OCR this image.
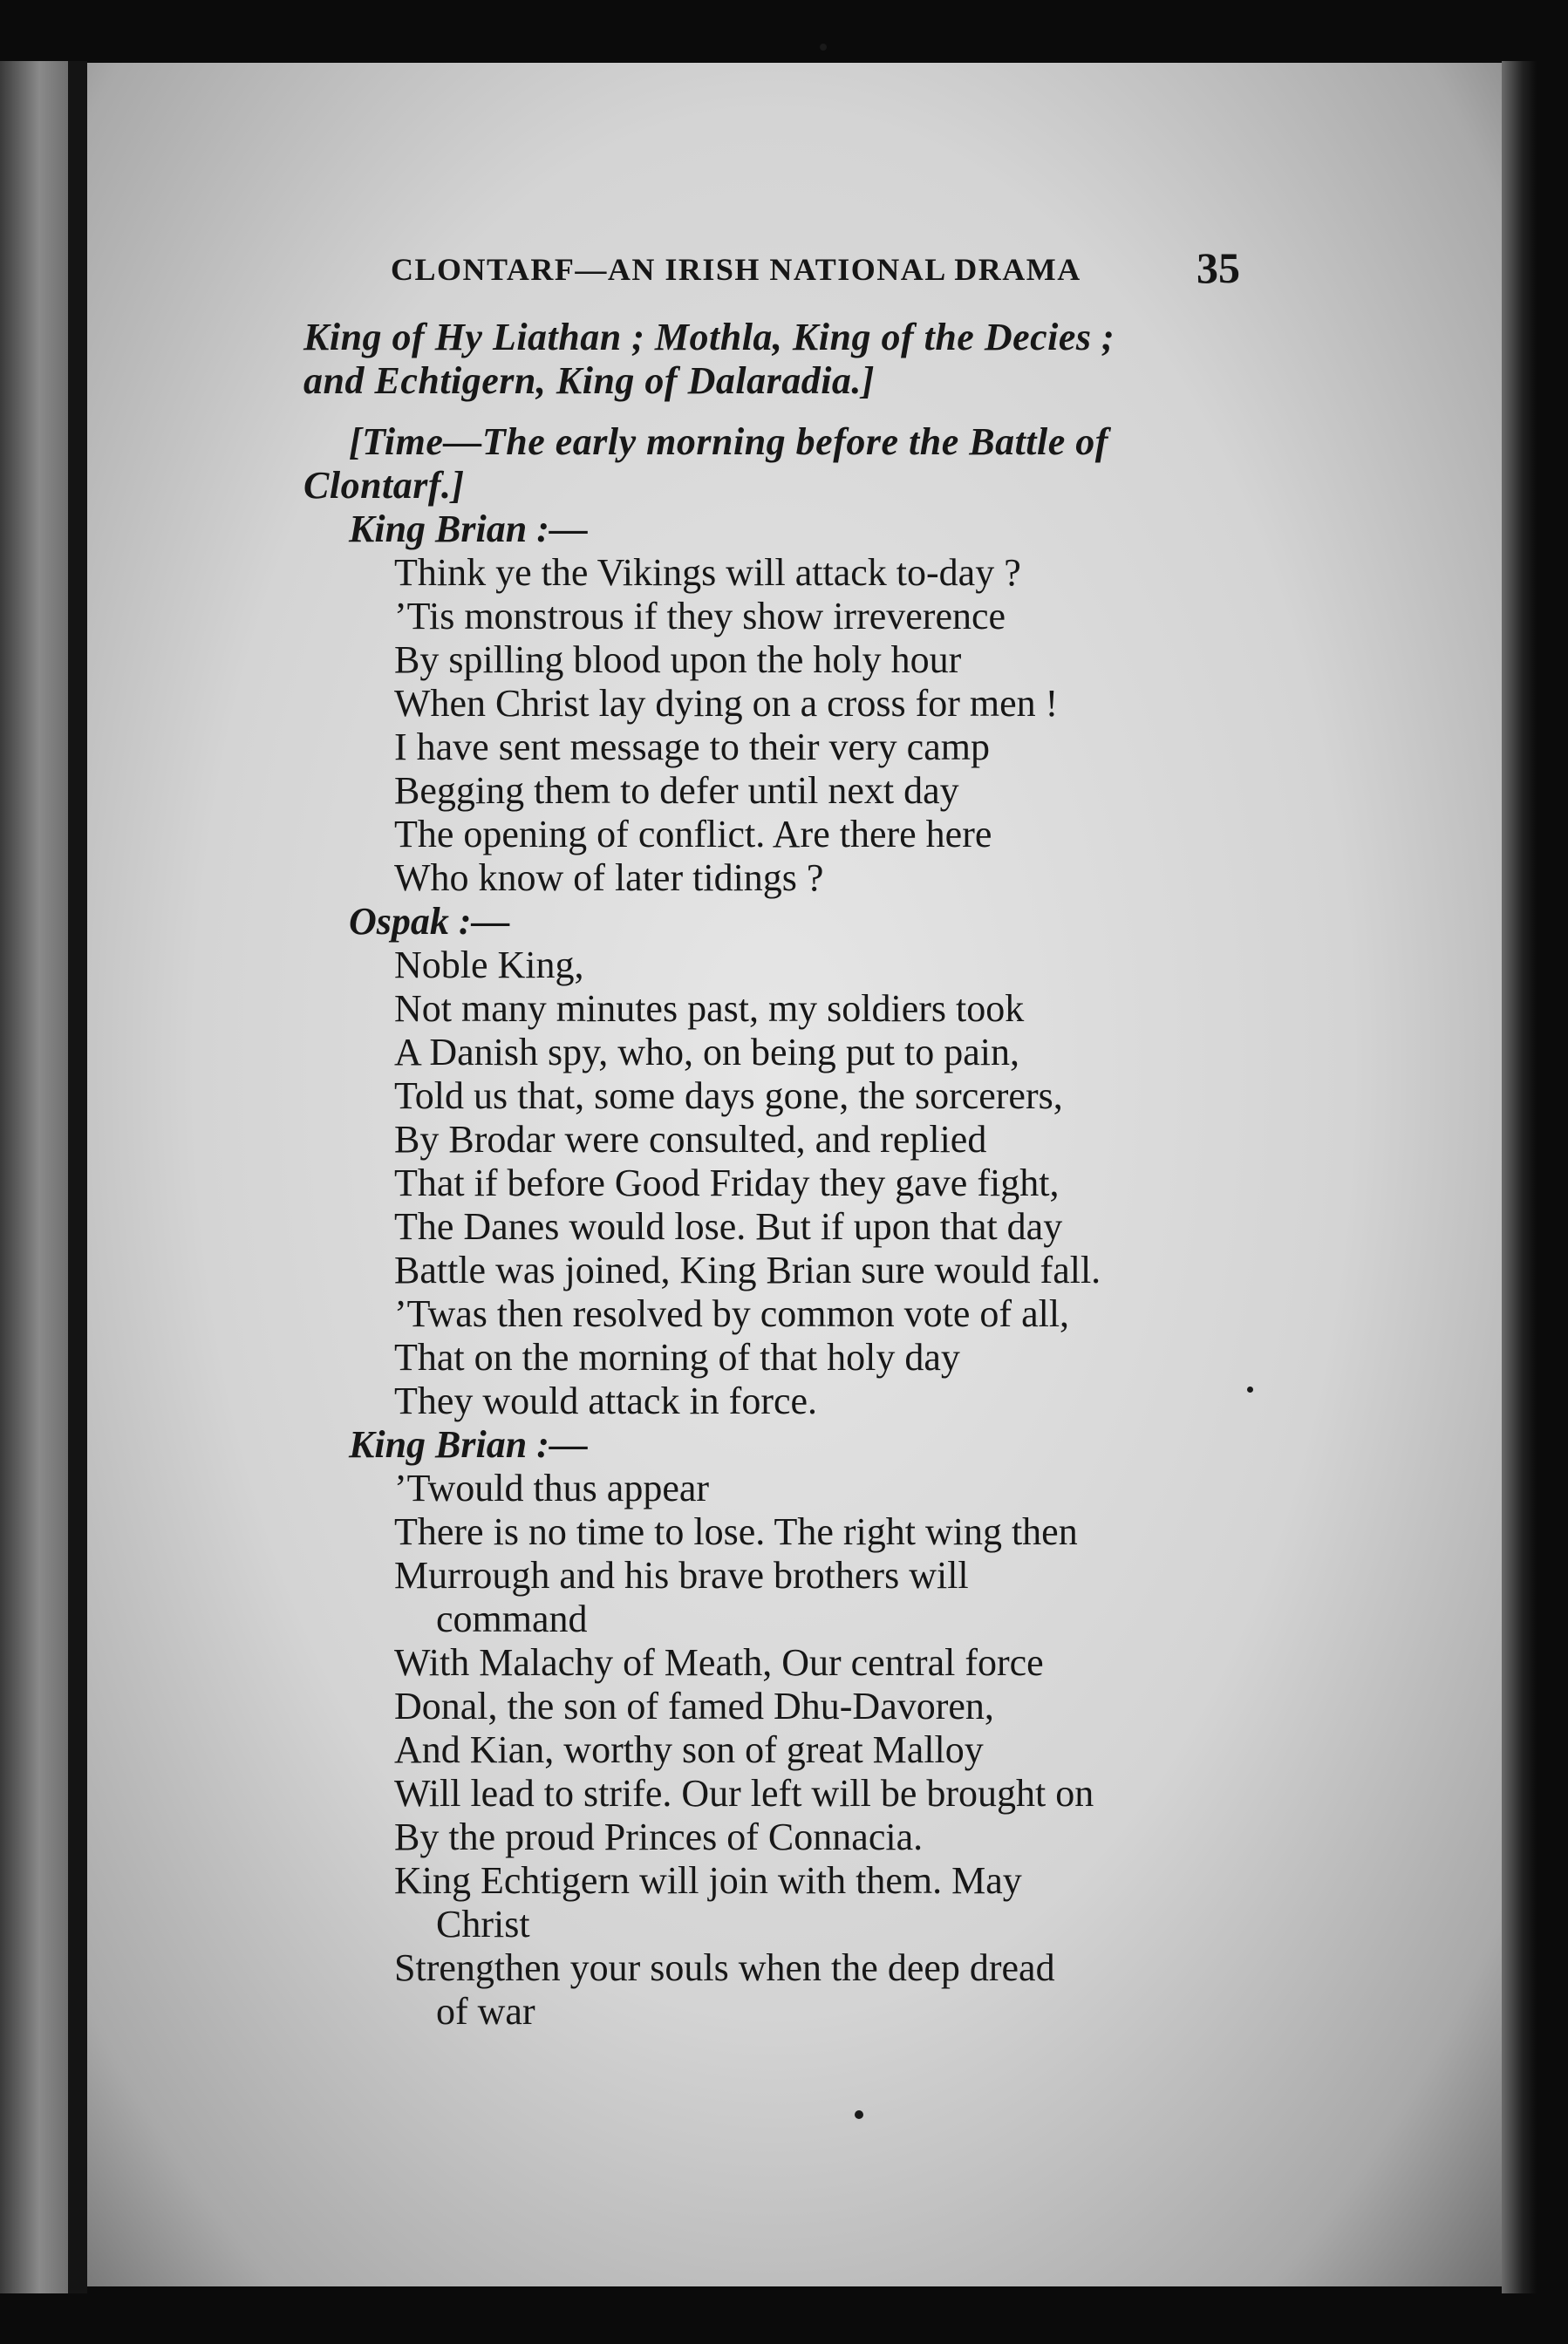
CLONTARF—AN IRISH NATIONAL DRAMA	35
King of Hy Liathan ; Mothla, King of the Decies ;
and Echtigern, King of Dalaradia.]
[Time—The early morning before the Battle of
Clontarf.]
King Brian :—
Think ye the Vikings will attack to-day ?
’Tis monstrous if they show irreverence
By spilling blood upon the holy hour
When Christ lay dying on a cross for men !
I have sent message to their very camp
Begging them to defer until next day
The opening of conflict. Are there here
Who know of later tidings ?
Ospak :—
Noble King,
Not many minutes past, my soldiers took
A Danish spy, who, on being put to pain,
Told us that, some days gone, the sorcerers,
By Brodar were consulted, and replied
That if before Good Friday they gave fight,
The Danes would lose. But if upon that day
Battle was joined, King Brian sure would fall.
’Twas then resolved by common vote of all,
That on the morning of that holy day
They would attack in force.
King Brian :—
’Twould thus appear
There is no time to lose. The right wing then
Murrough and his brave brothers will
command
With Malachy of Meath, Our central force
Donal, the son of famed Dhu-Davoren,
And Kian, worthy son of great Malloy
Will lead to strife. Our left will be brought on
By the proud Princes of Connacia.
King Echtigern will join with them. May
Christ
Strengthen your souls when the deep dread
of war
